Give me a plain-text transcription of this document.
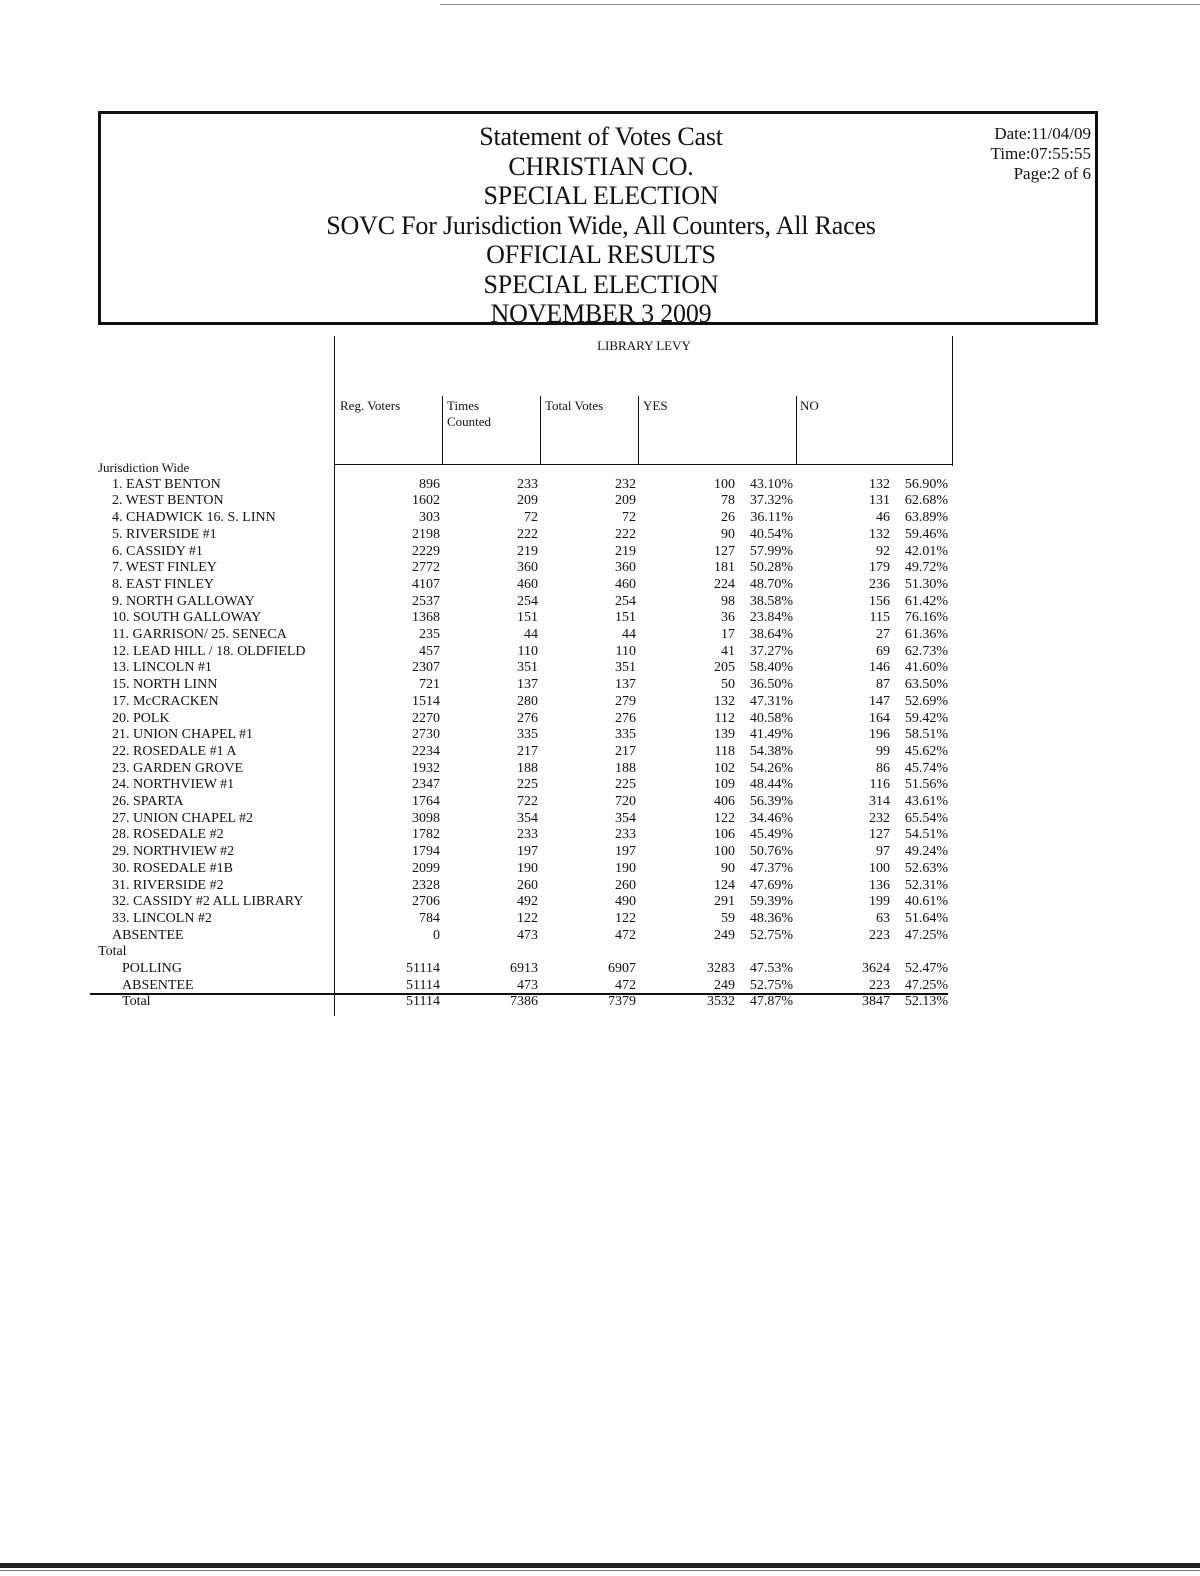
Statement of Votes Cast
CHRISTIAN CO.
SPECIAL ELECTION
SOVC For Jurisdiction Wide, All Counters, All Races
OFFICIAL RESULTS
SPECIAL ELECTION
NOVEMBER 3 2009
Date:11/04/09
Time:07:55:55
Page:2 of 6
LIBRARY LEVY
Reg. Voters	Times
Counted
Total Votes	YES	NO
Jurisdiction Wide
1. EAST BENTON	896	233	232	100	43.10%	132	56.90%
2. WEST BENTON	1602	209	209	78	37.32%	131	62.68%
4. CHADWICK 16. S. LINN	303	72	72	26	36.11%	46	63.89%
5. RIVERSIDE #1	2198	222	222	90	40.54%	132	59.46%
6. CASSIDY #1	2229	219	219	127	57.99%	92	42.01%
7. WEST FINLEY	2772	360	360	181	50.28%	179	49.72%
8. EAST FINLEY	4107	460	460	224	48.70%	236	51.30%
9. NORTH GALLOWAY	2537	254	254	98	38.58%	156	61.42%
10. SOUTH GALLOWAY	1368	151	151	36	23.84%	115	76.16%
11. GARRISON/ 25. SENECA	235	44	44	17	38.64%	27	61.36%
12. LEAD HILL / 18. OLDFIELD	457	110	110	41	37.27%	69	62.73%
13. LINCOLN #1	2307	351	351	205	58.40%	146	41.60%
15. NORTH LINN	721	137	137	50	36.50%	87	63.50%
17. McCRACKEN	1514	280	279	132	47.31%	147	52.69%
20. POLK	2270	276	276	112	40.58%	164	59.42%
21. UNION CHAPEL #1	2730	335	335	139	41.49%	196	58.51%
22. ROSEDALE #1 A	2234	217	217	118	54.38%	99	45.62%
23. GARDEN GROVE	1932	188	188	102	54.26%	86	45.74%
24. NORTHVIEW #1	2347	225	225	109	48.44%	116	51.56%
26. SPARTA	1764	722	720	406	56.39%	314	43.61%
27. UNION CHAPEL #2	3098	354	354	122	34.46%	232	65.54%
28. ROSEDALE #2	1782	233	233	106	45.49%	127	54.51%
29. NORTHVIEW #2	1794	197	197	100	50.76%	97	49.24%
30. ROSEDALE #1B	2099	190	190	90	47.37%	100	52.63%
31. RIVERSIDE #2	2328	260	260	124	47.69%	136	52.31%
32. CASSIDY #2 ALL LIBRARY	2706	492	490	291	59.39%	199	40.61%
33. LINCOLN #2	784	122	122	59	48.36%	63	51.64%
ABSENTEE	0	473	472	249	52.75%	223	47.25%
Total
POLLING	51114	6913	6907	3283	47.53%	3624	52.47%
ABSENTEE	51114	473	472	249	52.75%	223	47.25%
Total	51114	7386	7379	3532	47.87%	3847	52.13%
